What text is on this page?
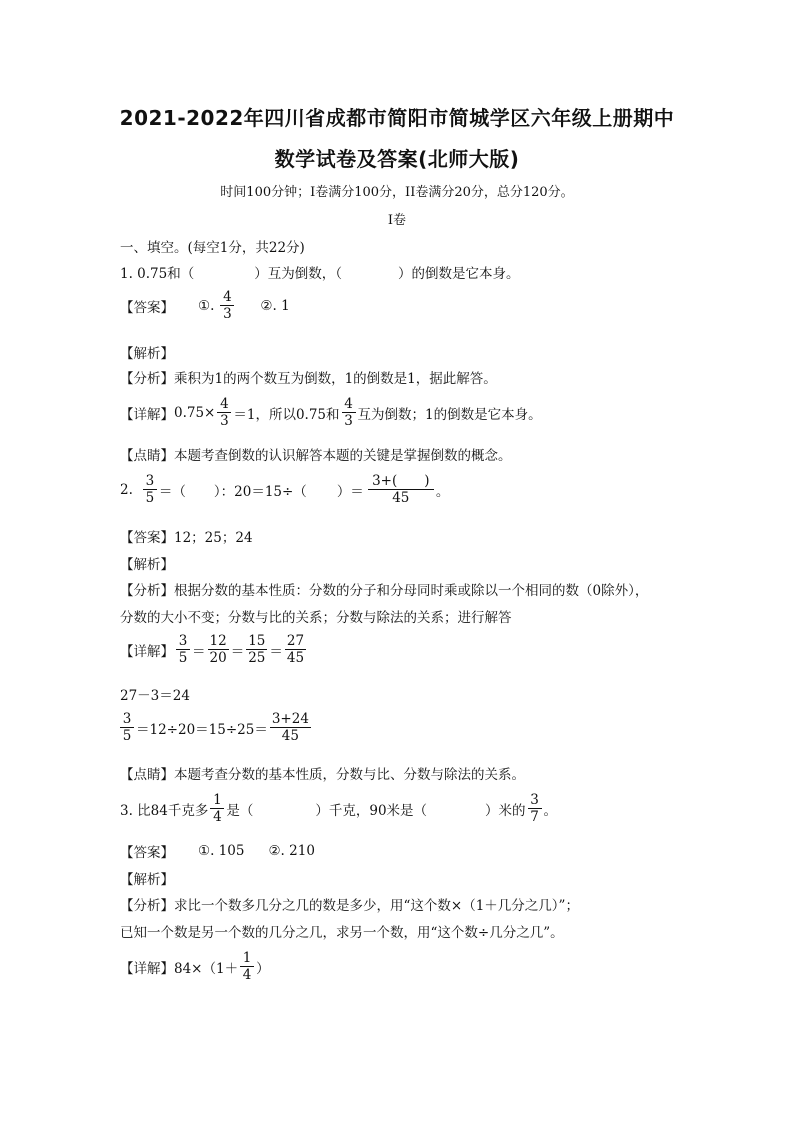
2021-2022年四川省成都市简阳市简城学区六年级上册期中
数学试卷及答案(北师大版)
时间100分钟；I卷满分100分，II卷满分20分，总分120分。
I卷
一、填空。(每空1分，共22分)
1. 0.75和（	）互为倒数，（	）的倒数是它本身。
【答案】 ①. $\frac{4}{3}$ ②. 1
【解析】
【分析】 乘积为1的两个数互为倒数，1的倒数是1，据此解答。
【详解】 $0.75\times \frac{4}{3} =1$，所以0.75和 $\frac{4}{3}$ 互为倒数；1的倒数是它本身。
【点睛】 本题考查倒数的认识解答本题的关键是掌握倒数的概念。
2. $\frac{3}{5}$ ＝（ ）：20＝15÷（ ）＝ $\frac{3+( )}{45}$ 。
【答案】 12；25；24
【解析】
【分析】 根据分数的基本性质：分数的分子和分母同时乘或除以一个相同的数（0除外），
分数的大小不变；分数与比的关系；分数与除法的关系；进行解答
【详解】 $\frac{3}{5} = \frac{12}{20} = \frac{15}{25} = \frac{27}{45}$
27－3＝24
$\frac{3}{5} =12\div 20=15\div 25= \frac{3+24}{45}$
【点睛】 本题考查分数的基本性质，分数与比、分数与除法的关系。
3. 比84千克多 $\frac{1}{4}$ 是（	）千克，90米是（	）米的 $\frac{3}{7}$ 。
【答案】 ①. 105 ②. 210
【解析】
【分析】 求比一个数多几分之几的数是多少，用“这个数×（1＋几分之几）”；
已知一个数是另一个数的几分之几，求另一个数，用“这个数÷几分之几”。
【详解】 $84\times(1+ \frac{1}{4}$ ）
